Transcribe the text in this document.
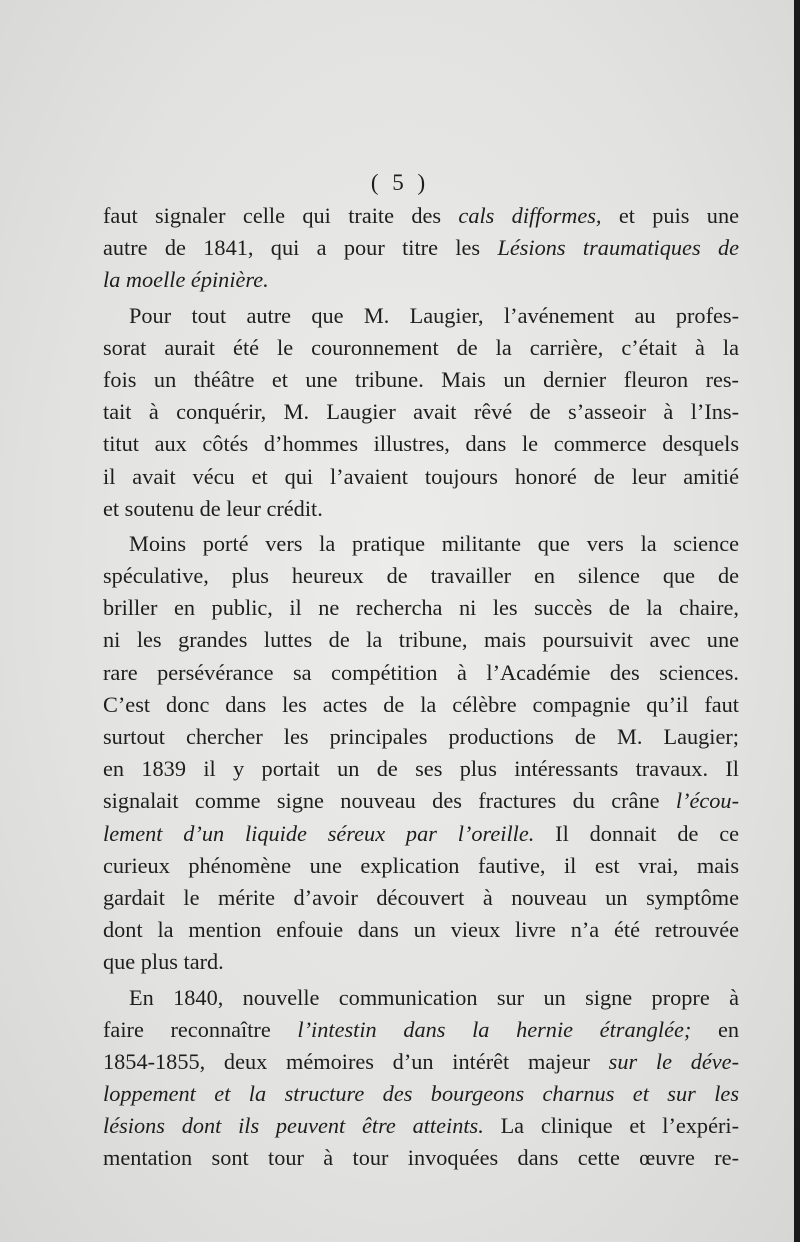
( 5 )
faut signaler celle qui traite des cals difformes, et puis une
autre de 1841, qui a pour titre les Lésions traumatiques de
la moelle épinière.
Pour tout autre que M. Laugier, l’avénement au profes-
sorat aurait été le couronnement de la carrière, c’était à la
fois un théâtre et une tribune. Mais un dernier fleuron res-
tait à conquérir, M. Laugier avait rêvé de s’asseoir à l’Ins-
titut aux côtés d’hommes illustres, dans le commerce desquels
il avait vécu et qui l’avaient toujours honoré de leur amitié
et soutenu de leur crédit.
Moins porté vers la pratique militante que vers la science
spéculative, plus heureux de travailler en silence que de
briller en public, il ne rechercha ni les succès de la chaire,
ni les grandes luttes de la tribune, mais poursuivit avec une
rare persévérance sa compétition à l’Académie des sciences.
C’est donc dans les actes de la célèbre compagnie qu’il faut
surtout chercher les principales productions de M. Laugier;
en 1839 il y portait un de ses plus intéressants travaux. Il
signalait comme signe nouveau des fractures du crâne l’écou-
lement d’un liquide séreux par l’oreille. Il donnait de ce
curieux phénomène une explication fautive, il est vrai, mais
gardait le mérite d’avoir découvert à nouveau un symptôme
dont la mention enfouie dans un vieux livre n’a été retrouvée
que plus tard.
En 1840, nouvelle communication sur un signe propre à
faire reconnaître l’intestin dans la hernie étranglée; en
1854-1855, deux mémoires d’un intérêt majeur sur le déve-
loppement et la structure des bourgeons charnus et sur les
lésions dont ils peuvent être atteints. La clinique et l’expéri-
mentation sont tour à tour invoquées dans cette œuvre re-
